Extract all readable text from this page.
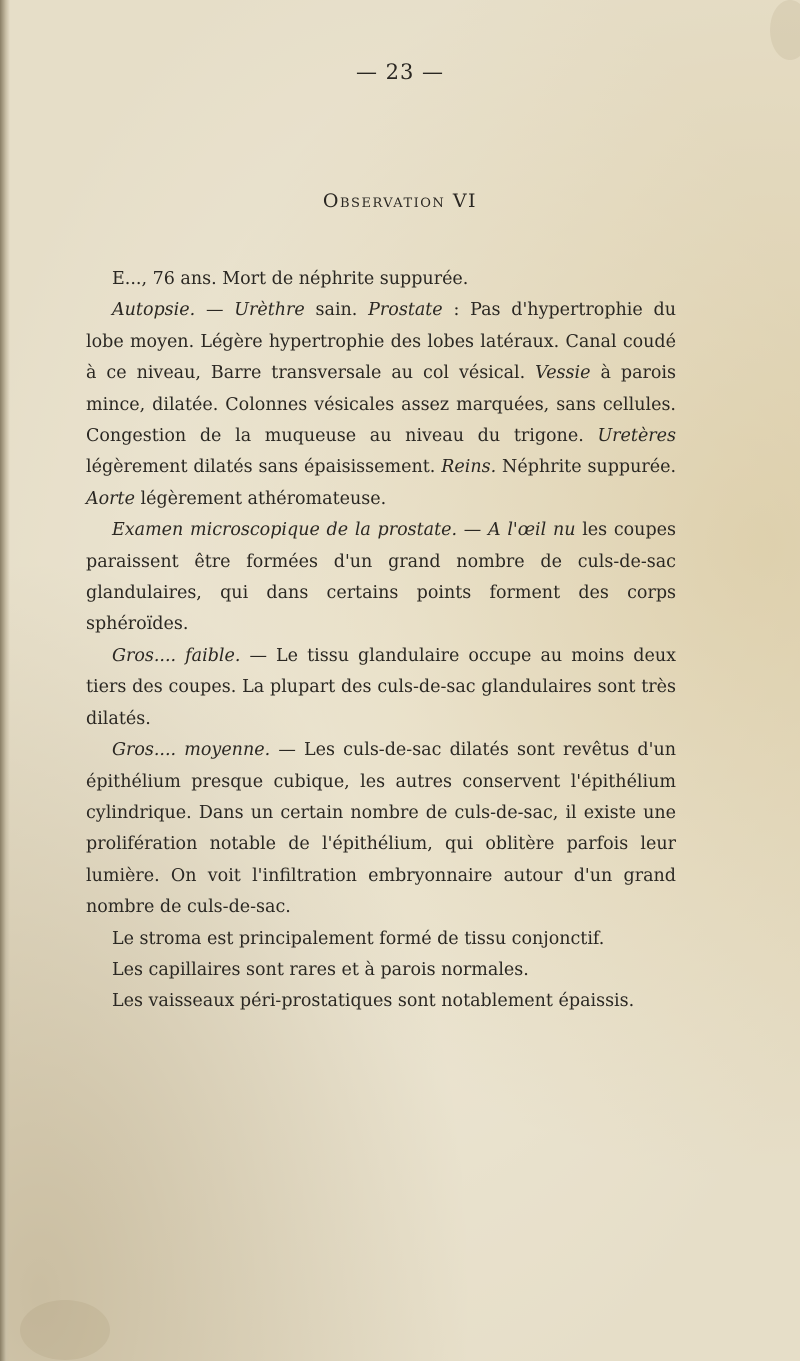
— 23 —
Observation VI

E..., 76 ans. Mort de néphrite suppurée.

Autopsie. — Urèthre sain. Prostate : Pas d'hypertrophie du lobe moyen. Légère hypertrophie des lobes latéraux. Canal coudé à ce niveau, Barre transversale au col vésical. Vessie à parois mince, dilatée. Colonnes vésicales assez marquées, sans cellules. Congestion de la muqueuse au niveau du trigone. Uretères légèrement dilatés sans épaisissement. Reins. Néphrite suppurée. Aorte légèrement athéromateuse.

Examen microscopique de la prostate. — A l'œil nu les coupes paraissent être formées d'un grand nombre de culs-de-sac glandulaires, qui dans certains points forment des corps sphéroïdes.

Gros.... faible. — Le tissu glandulaire occupe au moins deux tiers des coupes. La plupart des culs-de-sac glandulaires sont très dilatés.

Gros.... moyenne. — Les culs-de-sac dilatés sont revêtus d'un épithélium presque cubique, les autres conservent l'épithélium cylindrique. Dans un certain nombre de culs-de-sac, il existe une prolifération notable de l'épithélium, qui oblitère parfois leur lumière. On voit l'infiltration embryonnaire autour d'un grand nombre de culs-de-sac.

Le stroma est principalement formé de tissu conjonctif.

Les capillaires sont rares et à parois normales.

Les vaisseaux péri-prostatiques sont notablement épaissis.
